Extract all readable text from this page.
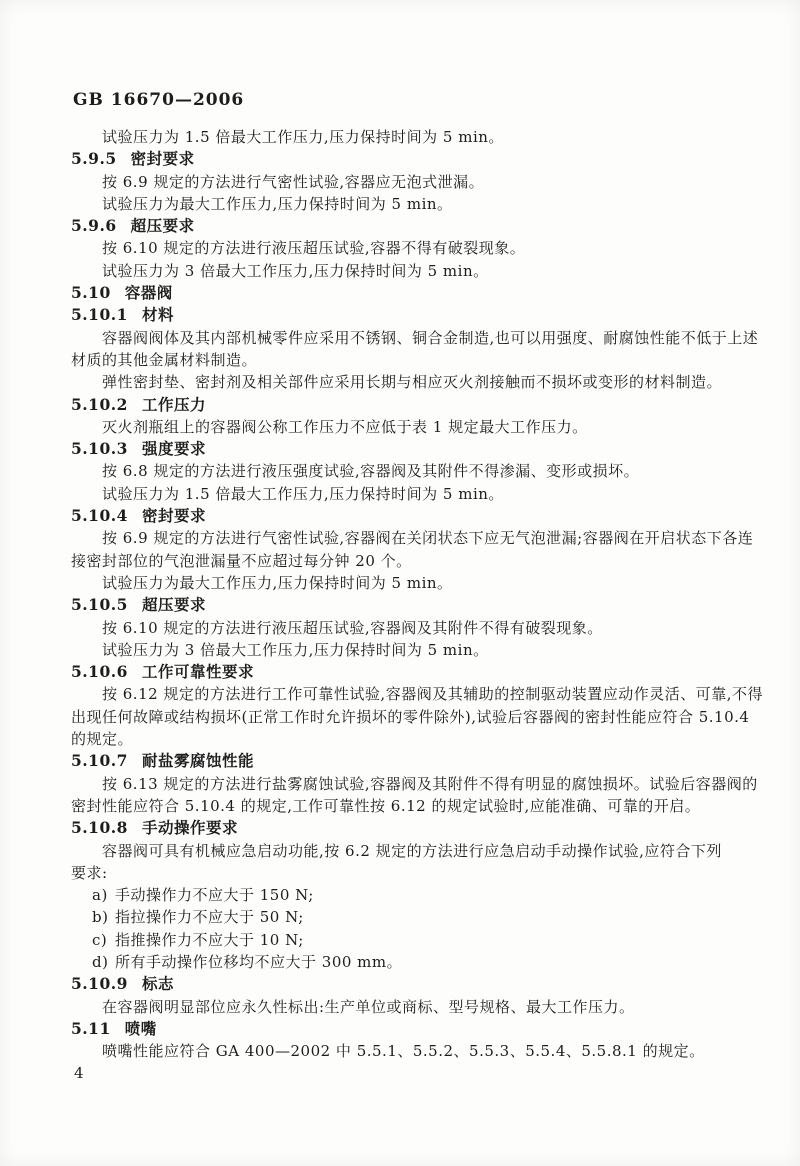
GB 16670—2006

试验压力为 1.5 倍最大工作压力,压力保持时间为 5 min。

5.9.5 密封要求

按 6.9 规定的方法进行气密性试验,容器应无泡式泄漏。

试验压力为最大工作压力,压力保持时间为 5 min。

5.9.6 超压要求

按 6.10 规定的方法进行液压超压试验,容器不得有破裂现象。

试验压力为 3 倍最大工作压力,压力保持时间为 5 min。

5.10 容器阀

5.10.1 材料

容器阀阀体及其内部机械零件应采用不锈钢、铜合金制造,也可以用强度、耐腐蚀性能不低于上述

材质的其他金属材料制造。

弹性密封垫、密封剂及相关部件应采用长期与相应灭火剂接触而不损坏或变形的材料制造。

5.10.2 工作压力

灭火剂瓶组上的容器阀公称工作压力不应低于表 1 规定最大工作压力。

5.10.3 强度要求

按 6.8 规定的方法进行液压强度试验,容器阀及其附件不得渗漏、变形或损坏。

试验压力为 1.5 倍最大工作压力,压力保持时间为 5 min。

5.10.4 密封要求

按 6.9 规定的方法进行气密性试验,容器阀在关闭状态下应无气泡泄漏;容器阀在开启状态下各连

接密封部位的气泡泄漏量不应超过每分钟 20 个。

试验压力为最大工作压力,压力保持时间为 5 min。

5.10.5 超压要求

按 6.10 规定的方法进行液压超压试验,容器阀及其附件不得有破裂现象。

试验压力为 3 倍最大工作压力,压力保持时间为 5 min。

5.10.6 工作可靠性要求

按 6.12 规定的方法进行工作可靠性试验,容器阀及其辅助的控制驱动装置应动作灵活、可靠,不得

出现任何故障或结构损坏(正常工作时允许损坏的零件除外),试验后容器阀的密封性能应符合 5.10.4

的规定。

5.10.7 耐盐雾腐蚀性能

按 6.13 规定的方法进行盐雾腐蚀试验,容器阀及其附件不得有明显的腐蚀损坏。试验后容器阀的

密封性能应符合 5.10.4 的规定,工作可靠性按 6.12 的规定试验时,应能准确、可靠的开启。

5.10.8 手动操作要求

容器阀可具有机械应急启动功能,按 6.2 规定的方法进行应急启动手动操作试验,应符合下列

要求:

a) 手动操作力不应大于 150 N;

b) 指拉操作力不应大于 50 N;

c) 指推操作力不应大于 10 N;

d) 所有手动操作位移均不应大于 300 mm。

5.10.9 标志

在容器阀明显部位应永久性标出:生产单位或商标、型号规格、最大工作压力。

5.11 喷嘴

喷嘴性能应符合 GA 400—2002 中 5.5.1、5.5.2、5.5.3、5.5.4、5.5.8.1 的规定。

4
